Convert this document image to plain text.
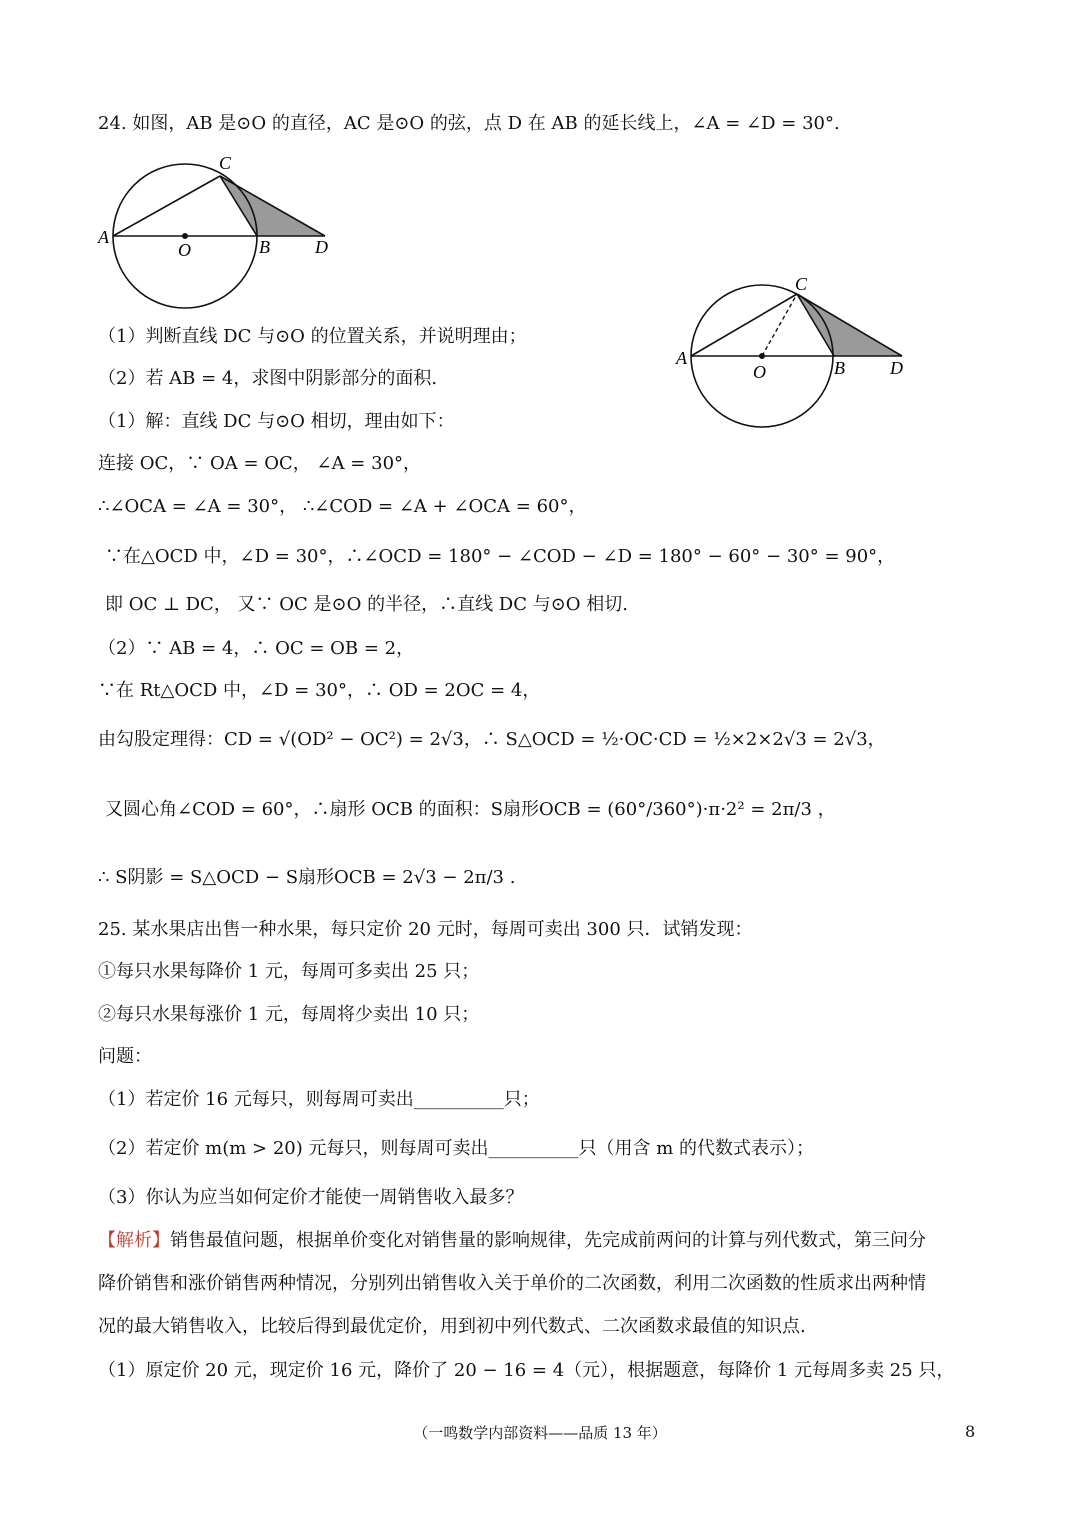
24. 如图，AB 是⊙O 的直径，AC 是⊙O 的弦，点 D 在 AB 的延长线上，∠A = ∠D = 30°.
A
O	B
C
D
（1）判断直线 DC 与⊙O 的位置关系，并说明理由；
（2）若 AB = 4，求图中阴影部分的面积.
A
O	B
C
D
（1）解：直线 DC 与⊙O 相切，理由如下：
连接 OC，∵ OA = OC， ∠A = 30°，
∴∠OCA = ∠A = 30°， ∴∠COD = ∠A + ∠OCA = 60°，
∵在△OCD 中，∠D = 30°，∴∠OCD = 180° − ∠COD − ∠D = 180° − 60° − 30° = 90°，
即 OC ⊥ DC， 又∵ OC 是⊙O 的半径，∴直线 DC 与⊙O 相切.
（2）∵ AB = 4，∴ OC = OB = 2，
∵在 Rt△OCD 中，∠D = 30°，∴ OD = 2OC = 4，
由勾股定理得：CD = √(OD² − OC²) = 2√3，∴ S△OCD = ½·OC·CD = ½×2×2√3 = 2√3，
又圆心角∠COD = 60°，∴扇形 OCB 的面积：S扇形OCB = (60°/360°)·π·2² = 2π/3 ，
∴ S阴影 = S△OCD − S扇形OCB = 2√3 − 2π/3 .
25. 某水果店出售一种水果，每只定价 20 元时，每周可卖出 300 只．试销发现：
①每只水果每降价 1 元，每周可多卖出 25 只；
②每只水果每涨价 1 元，每周将少卖出 10 只；
问题：
（1）若定价 16 元每只，则每周可卖出__________只；
（2）若定价 m(m > 20) 元每只，则每周可卖出__________只（用含 m 的代数式表示）；
（3）你认为应当如何定价才能使一周销售收入最多？
【解析】销售最值问题，根据单价变化对销售量的影响规律，先完成前两问的计算与列代数式，第三问分
降价销售和涨价销售两种情况，分别列出销售收入关于单价的二次函数，利用二次函数的性质求出两种情
况的最大销售收入，比较后得到最优定价，用到初中列代数式、二次函数求最值的知识点.
（1）原定价 20 元，现定价 16 元，降价了 20 − 16 = 4（元），根据题意，每降价 1 元每周多卖 25 只，
（一鸣数学内部资料——品质 13 年）	8
